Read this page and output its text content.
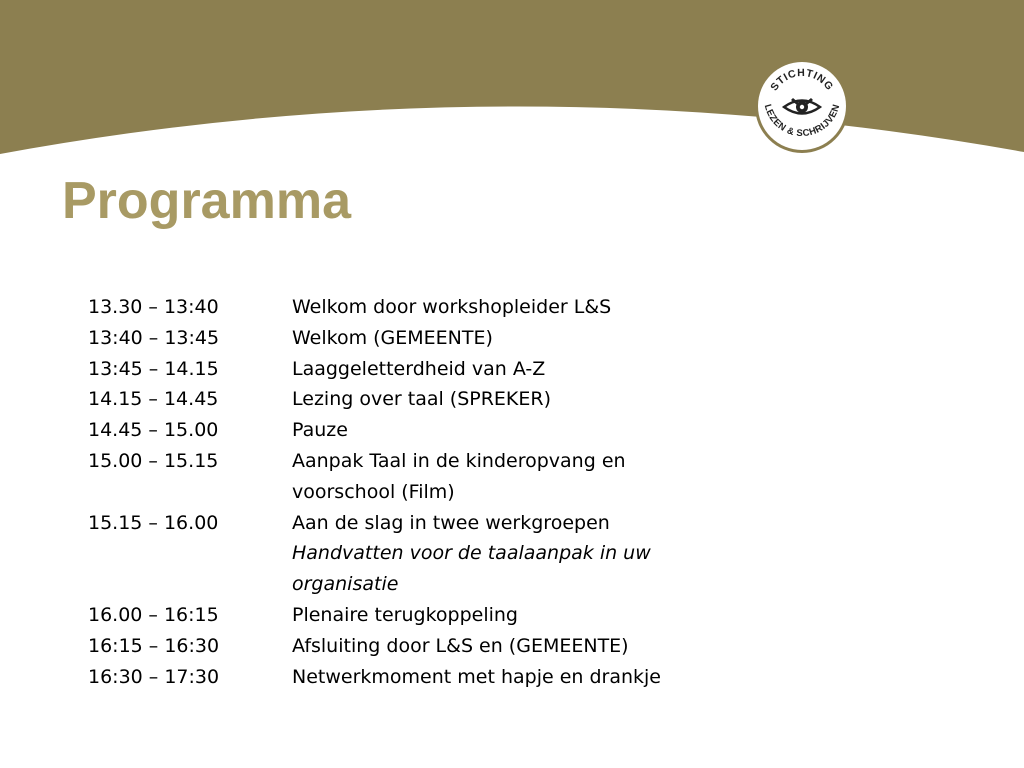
STICHTING
LEZEN & SCHRIJVEN
Programma
13.30 – 13:40	Welkom door workshopleider L&S
13:40 – 13:45	Welkom (GEMEENTE)
13:45 – 14.15	Laaggeletterdheid van A-Z
14.15 – 14.45	Lezing over taal (SPREKER)
14.45 – 15.00	Pauze
15.00 – 15.15	Aanpak Taal in de kinderopvang en
voorschool (Film)
15.15 – 16.00	Aan de slag in twee werkgroepen
Handvatten voor de taalaanpak in uw
organisatie
16.00 – 16:15	Plenaire terugkoppeling
16:15 – 16:30	Afsluiting door L&S en (GEMEENTE)
16:30 – 17:30	Netwerkmoment met hapje en drankje
